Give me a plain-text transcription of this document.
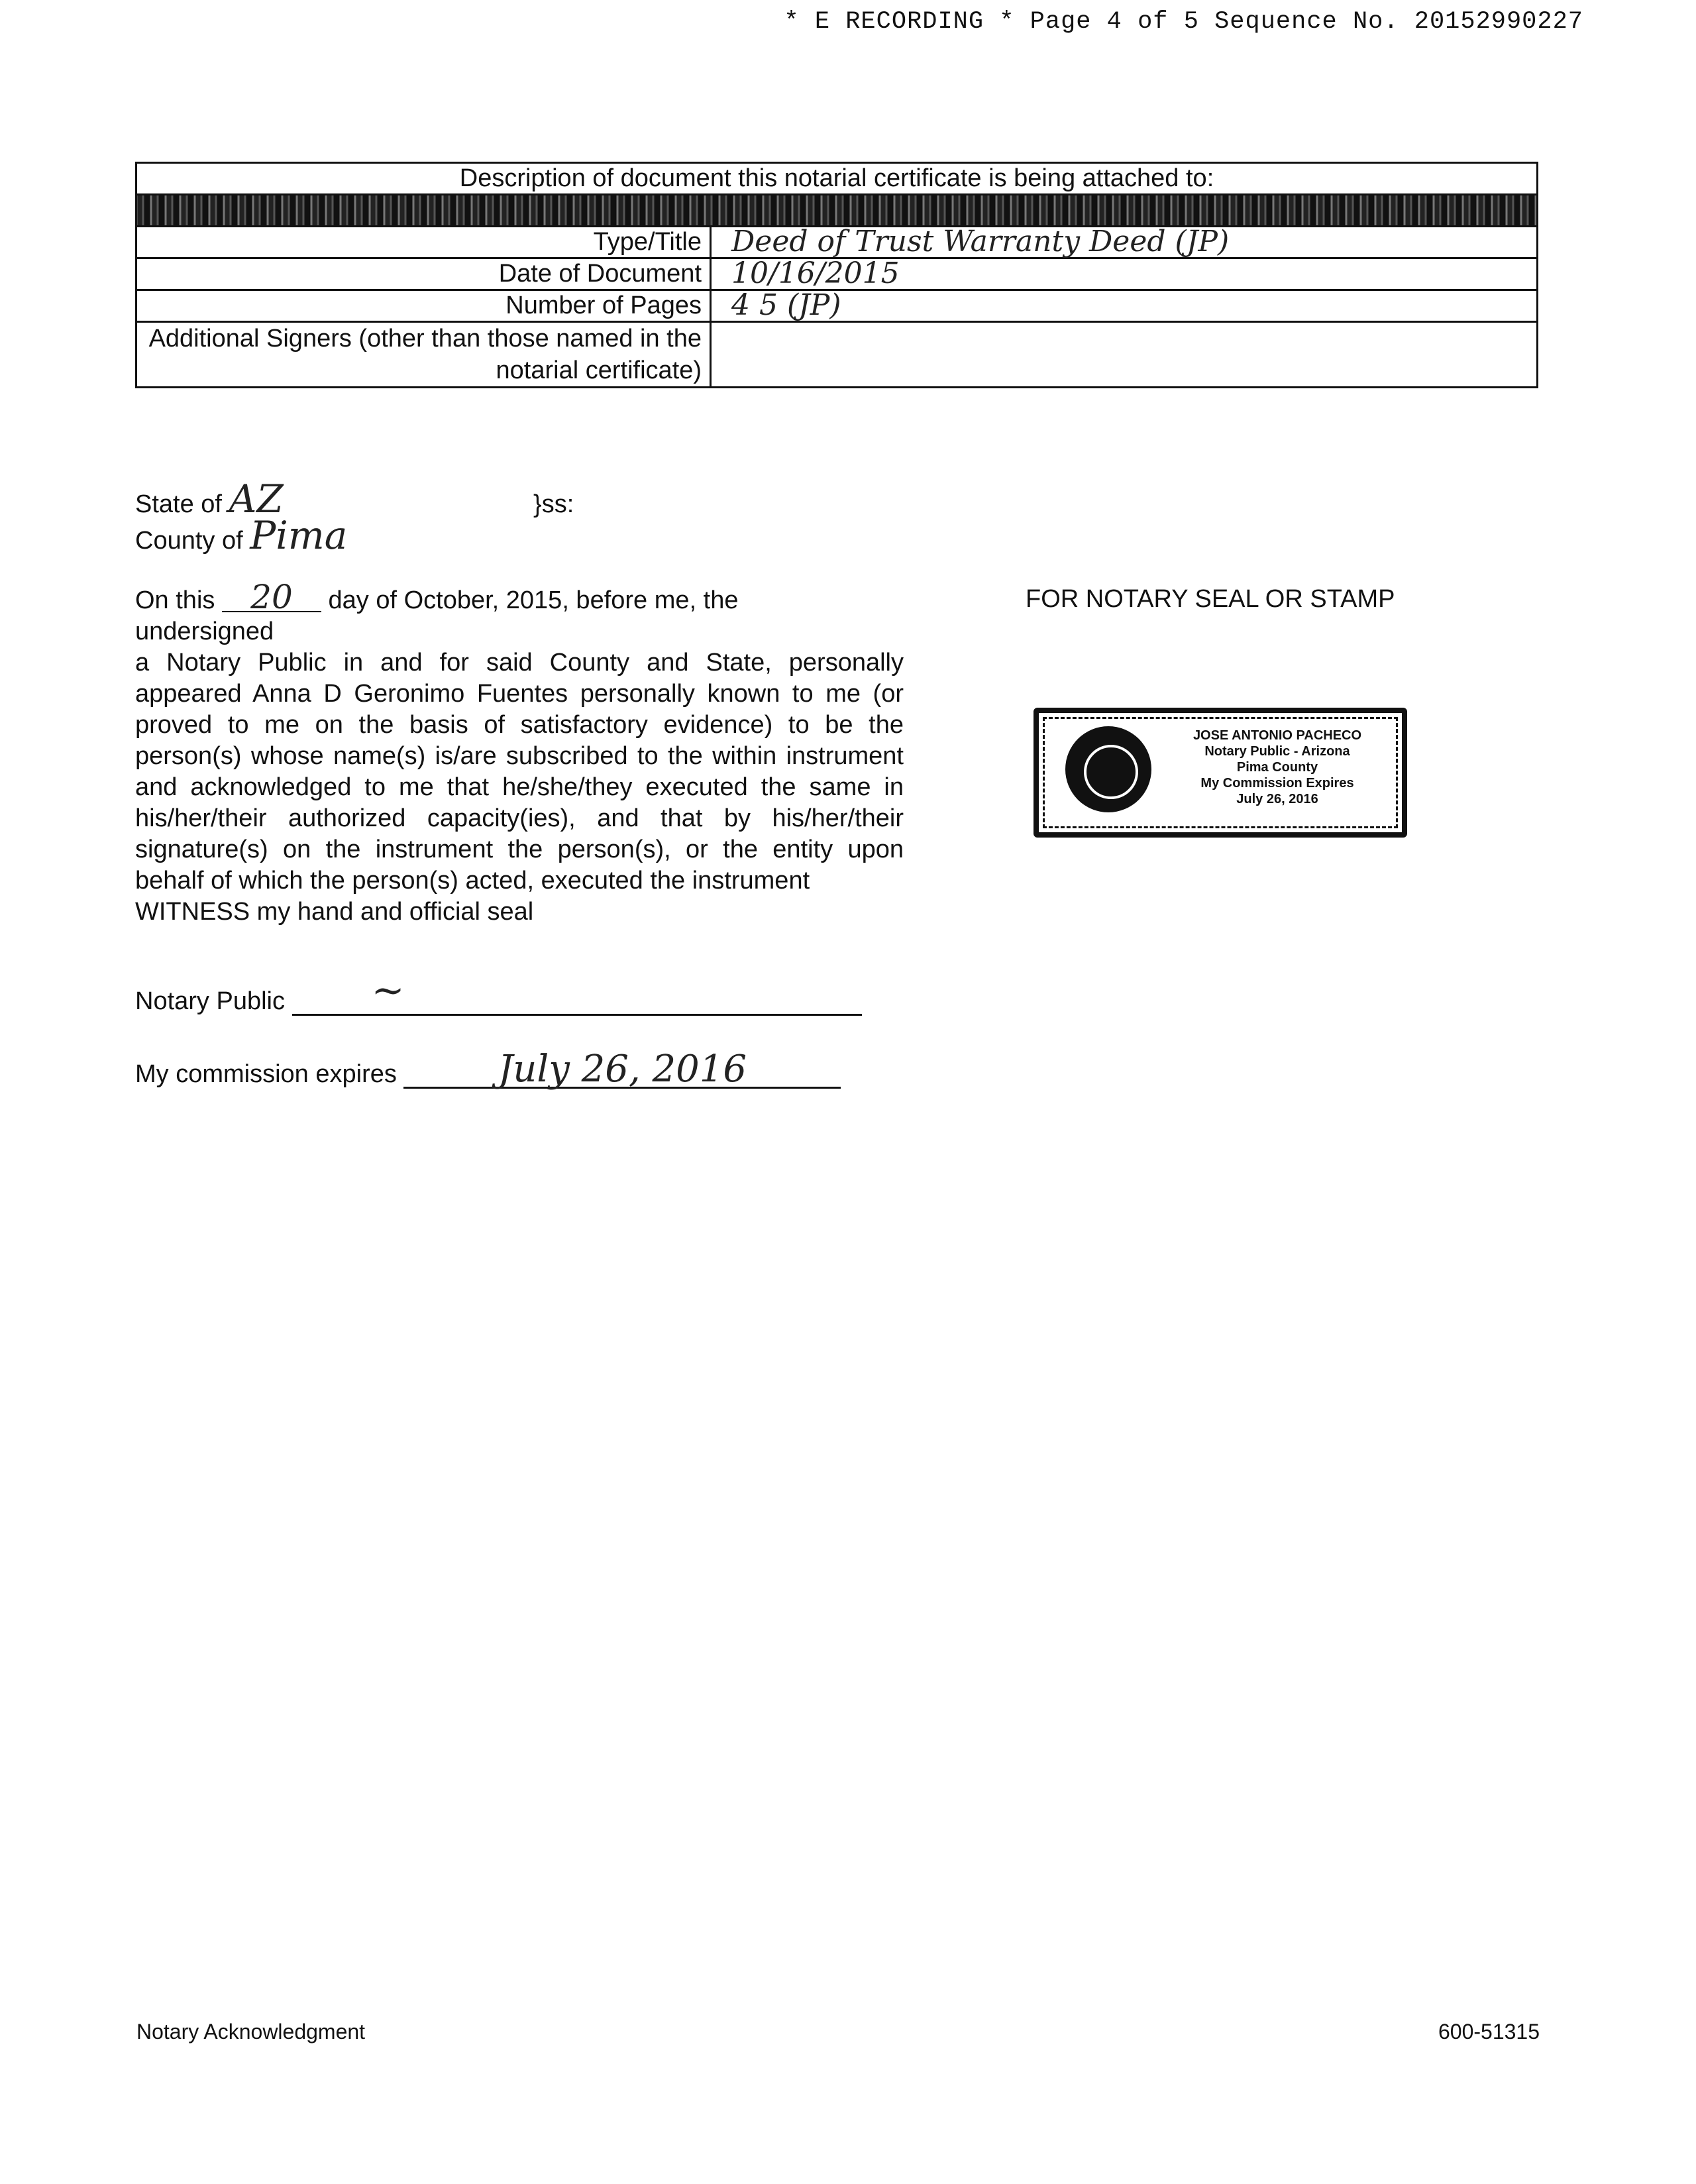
* E RECORDING * Page 4 of 5 Sequence No. 20152990227
Description of document this notarial certificate is being attached to:	

Type/Title	Deed of Trust Warranty Deed (JP)

Date of Document	10/16/2015

Number of Pages	4 5 (JP)

Additional Signers (other than those named in the notarial certificate)	
State of AZ
County of Pima
}ss:
On this 20 day of October, 2015, before me, the undersigned
a Notary Public in and for said County and State, personally appeared Anna D Geronimo Fuentes personally known to me (or proved to me on the basis of satisfactory evidence) to be the person(s) whose name(s) is/are subscribed to the within instrument and acknowledged to me that he/she/they executed the same in his/her/their authorized capacity(ies), and that by his/her/their signature(s) on the instrument the person(s), or the entity upon behalf of which the person(s) acted, executed the instrument
WITNESS my hand and official seal
FOR NOTARY SEAL OR STAMP
JOSE ANTONIO PACHECO
Notary Public - Arizona
Pima County
My Commission Expires
July 26, 2016
Notary Public ~
My commission expires	July 26, 2016
Notary Acknowledgment	600-51315
